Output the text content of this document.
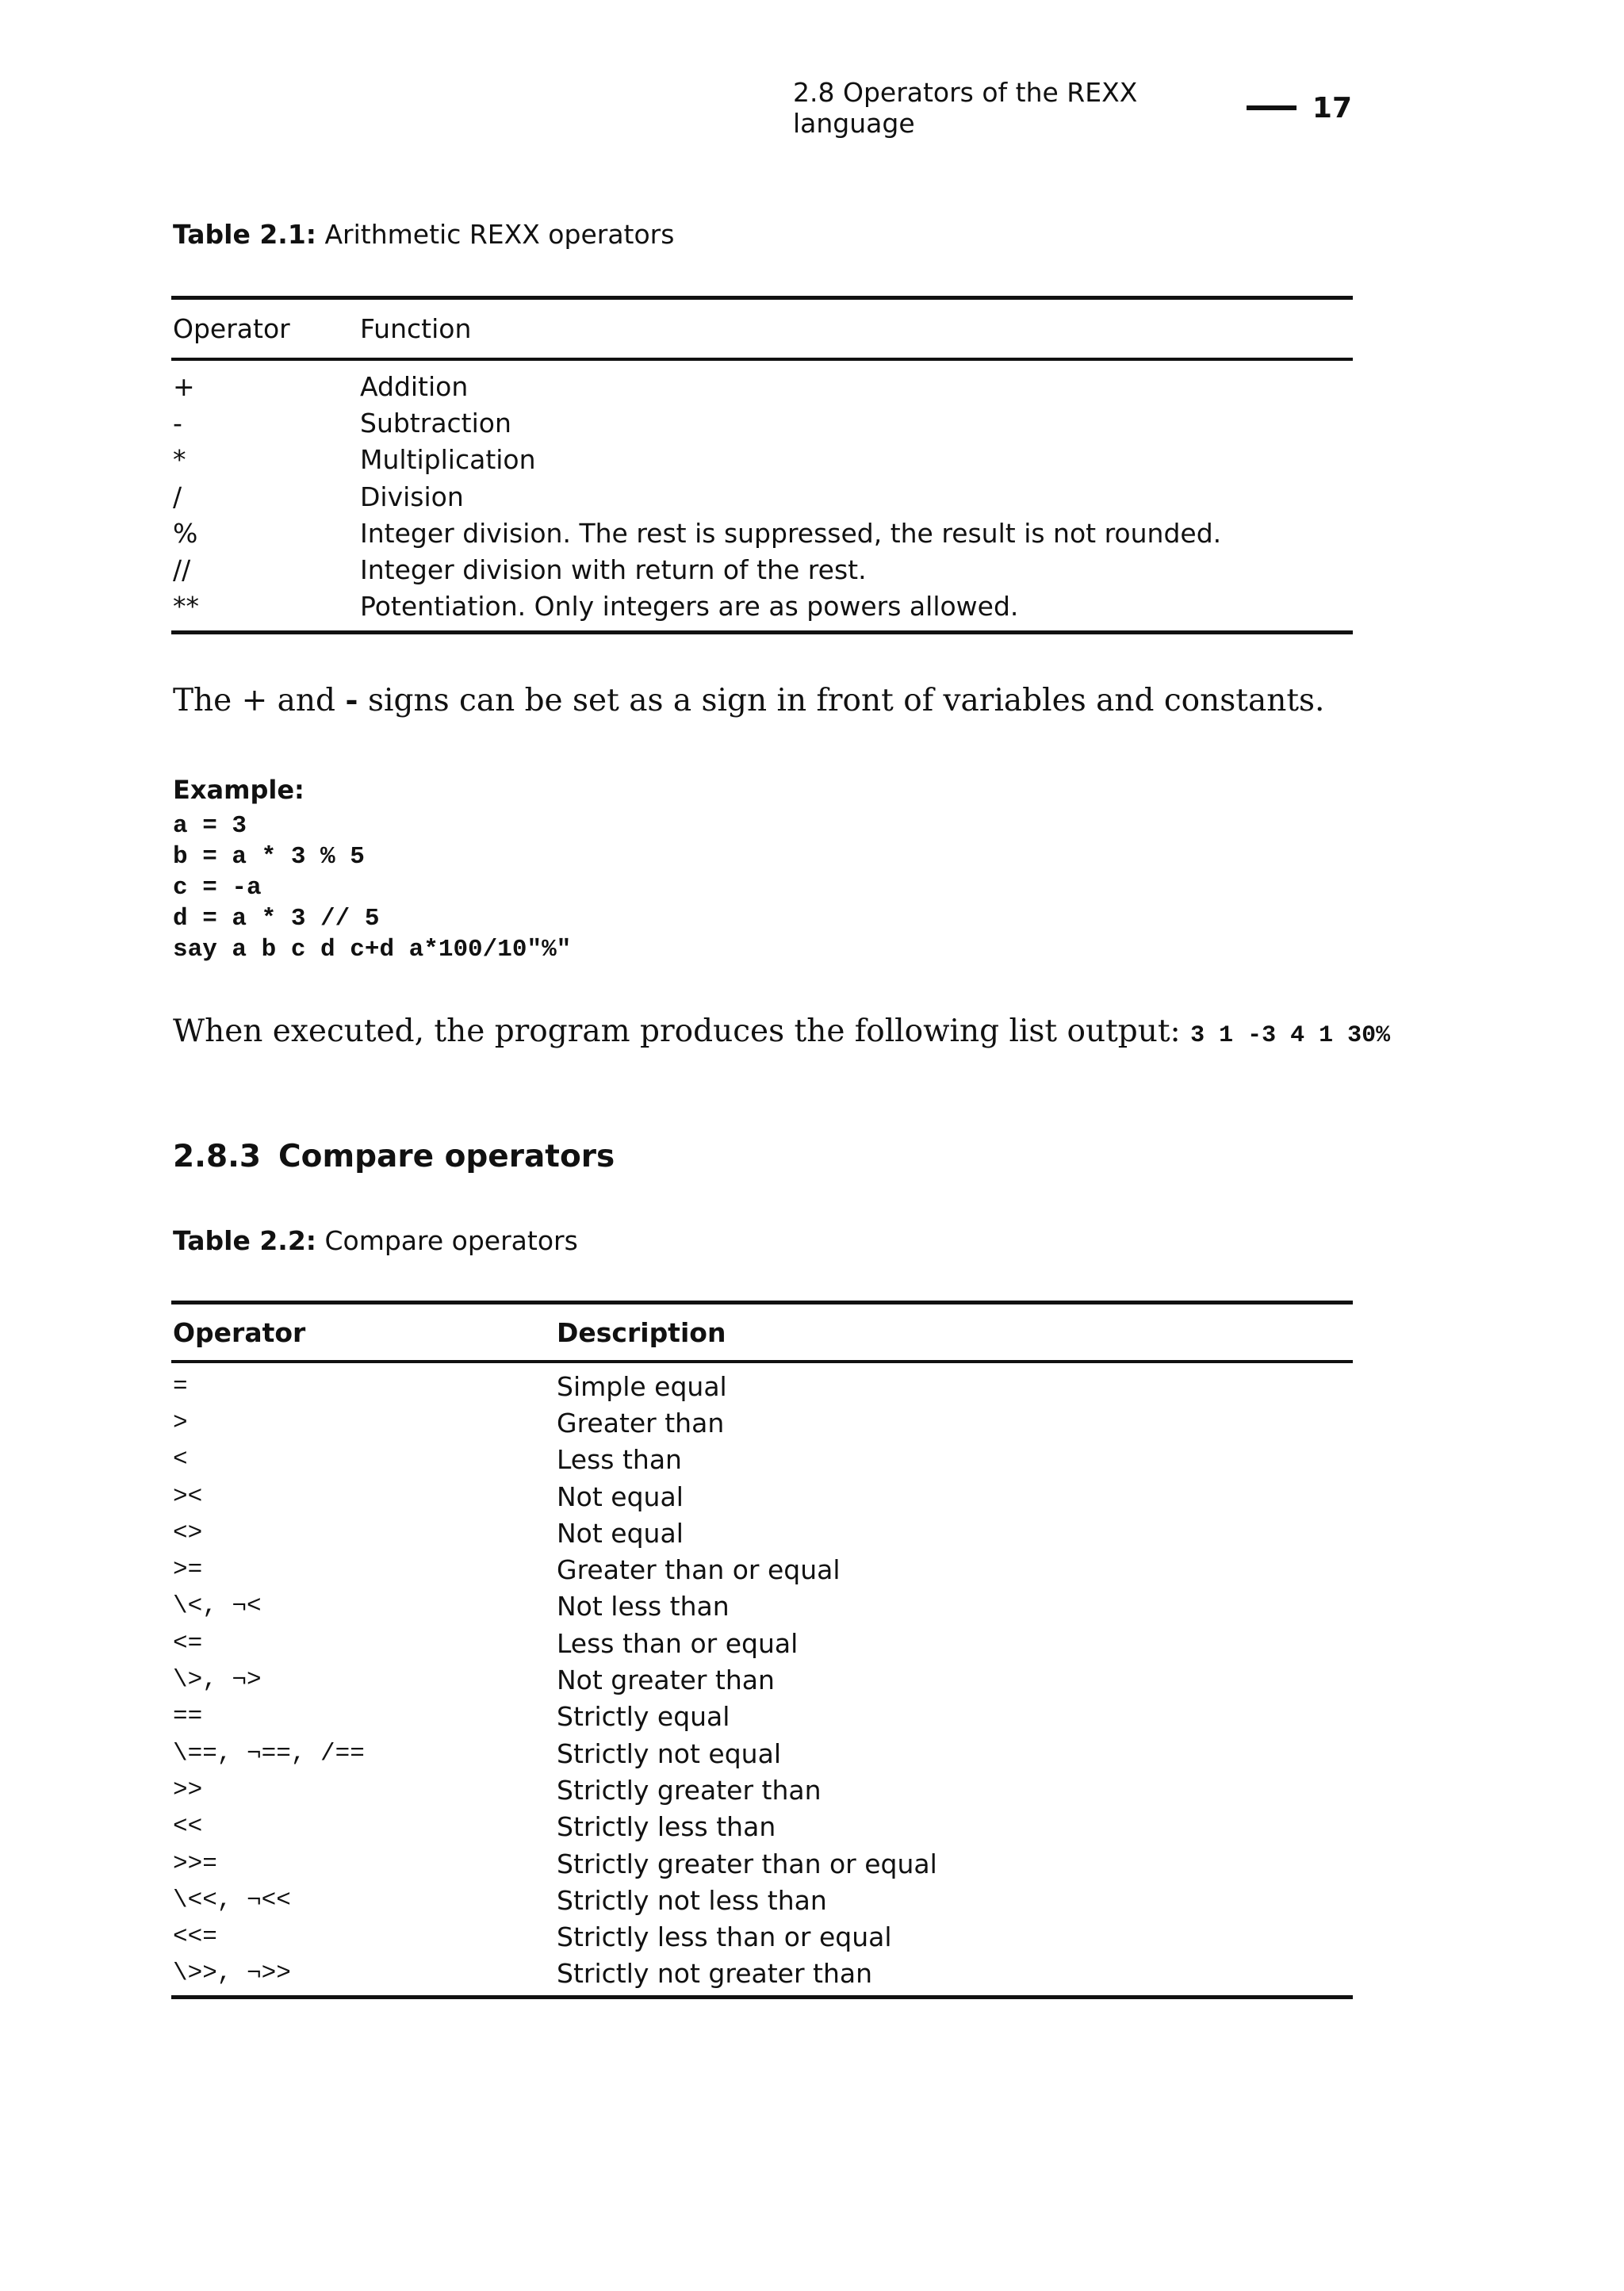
2.8 Operators of the REXX language	17
Table 2.1: Arithmetic REXX operators
Operator	Function
+	Addition
-	Subtraction
*	Multiplication
/	Division
%	Integer division. The rest is suppressed, the result is not rounded.
//	Integer division with return of the rest.
**	Potentiation. Only integers are as powers allowed.
The + and - signs can be set as a sign in front of variables and constants.
Example:
a = 3
b = a * 3 % 5
c = -a
d = a * 3 // 5
say a b c d c+d a*100/10"%"
When executed, the program produces the following list output: 3 1 -3 4 1 30%
2.8.3 Compare operators
Table 2.2: Compare operators
Operator	Description
=	Simple equal
>	Greater than
<	Less than
><	Not equal
<>	Not equal
>=	Greater than or equal
\<, ¬<	Not less than
<=	Less than or equal
\>, ¬>	Not greater than
==	Strictly equal
\==, ¬==, /==	Strictly not equal
>>	Strictly greater than
<<	Strictly less than
>>=	Strictly greater than or equal
\<<, ¬<<	Strictly not less than
<<=	Strictly less than or equal
\>>, ¬>>	Strictly not greater than
